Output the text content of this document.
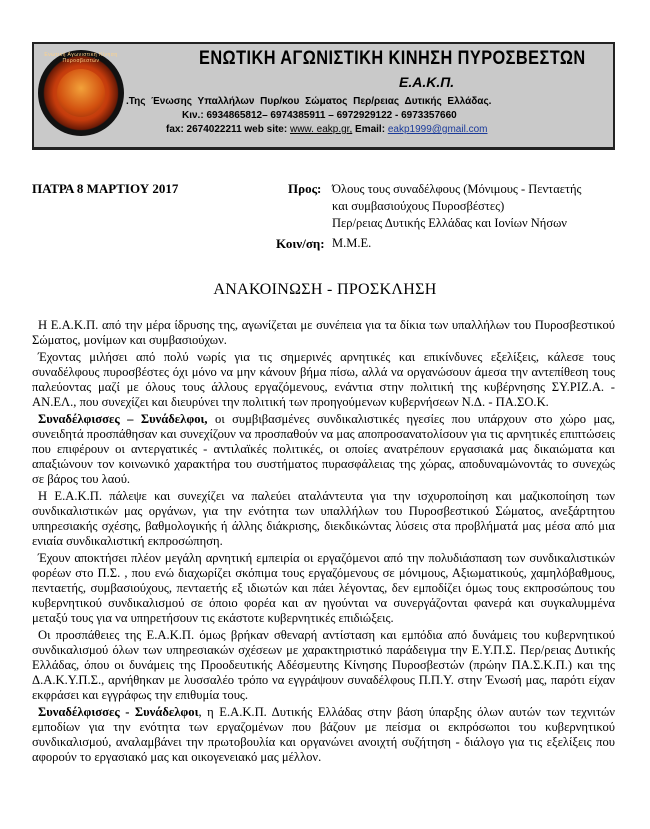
Ενωτική Αγωνιστική Κίνηση Πυροσβεστών	ΕΝΩΤΙΚΗ ΑΓΩΝΙΣΤΙΚΗ ΚΙΝΗΣΗ ΠΥΡΟΣΒΕΣΤΩΝ
Ε.Α.Κ.Π.
.Της Ένωσης Υπαλλήλων Πυρ/κου Σώματος Περ/ρειας Δυτικής Ελλάδας.
Κιν.: 6934865812– 6974385911 – 6972929122 - 6973357660
fax: 2674022211 web site: www. eakp.gr, Email: eakp1999@gmail.com
ΠΑΤΡΑ 8 ΜΑΡΤΙΟΥ 2017	Προς: Όλους τους συναδέλφους (Μόνιμους - Πενταετής
και συμβασιούχους Πυροσβέστες)
Περ/ρειας Δυτικής Ελλάδας και Ιονίων Νήσων
Κοιν/ση: Μ.Μ.Ε.
ΑΝΑΚΟΙΝΩΣΗ - ΠΡΟΣΚΛΗΣΗ

Η Ε.Α.Κ.Π. από την μέρα ίδρυσης της, αγωνίζεται με συνέπεια για τα δίκια των υπαλλήλων του Πυροσβεστικού Σώματος, μονίμων και συμβασιούχων.

Έχοντας μιλήσει από πολύ νωρίς για τις σημερινές αρνητικές και επικίνδυνες εξελίξεις, κάλεσε τους συναδέλφους πυροσβέστες όχι μόνο να μην κάνουν βήμα πίσω, αλλά να οργανώσουν άμεσα την αντεπίθεση τους παλεύοντας μαζί με όλους τους άλλους εργαζόμενους, ενάντια στην πολιτική της κυβέρνησης ΣΥ.ΡΙΖ.Α. - ΑΝ.ΕΛ., που συνεχίζει και διευρύνει την πολιτική των προηγούμενων κυβερνήσεων Ν.Δ. - ΠΑ.ΣΟ.Κ.

Συναδέλφισσες – Συνάδελφοι, οι συμβιβασμένες συνδικαλιστικές ηγεσίες που υπάρχουν στο χώρο μας, συνειδητά προσπάθησαν και συνεχίζουν να προσπαθούν να μας αποπροσανατολίσουν για τις αρνητικές επιπτώσεις που επιφέρουν οι αντεργατικές - αντιλαϊκές πολιτικές, οι οποίες ανατρέπουν εργασιακά μας δικαιώματα και απαξιώνουν τον κοινωνικό χαρακτήρα του συστήματος πυρασφάλειας της χώρας, αποδυναμώνοντάς το συνεχώς σε βάρος του λαού.

Η Ε.Α.Κ.Π. πάλεψε και συνεχίζει να παλεύει αταλάντευτα για την ισχυροποίηση και μαζικοποίηση των συνδικαλιστικών μας οργάνων, για την ενότητα των υπαλλήλων του Πυροσβεστικού Σώματος, ανεξάρτητου υπηρεσιακής σχέσης, βαθμολογικής ή άλλης διάκρισης, διεκδικώντας λύσεις στα προβλήματά μας μέσα από μια ενιαία συνδικαλιστική εκπροσώπηση.

Έχουν αποκτήσει πλέον μεγάλη αρνητική εμπειρία οι εργαζόμενοι από την πολυδιάσπαση των συνδικαλιστικών φορέων στο Π.Σ. , που ενώ διαχωρίζει σκόπιμα τους εργαζόμενους σε μόνιμους, Αξιωματικούς, χαμηλόβαθμους, πενταετής, συμβασιούχους, πενταετής εξ ιδιωτών και πάει λέγοντας, δεν εμποδίζει όμως τους εκπροσώπους του κυβερνητικού συνδικαλισμού σε όποιο φορέα και αν ηγούνται να συνεργάζονται φανερά και συγκαλυμμένα μεταξύ τους για να υπηρετήσουν τις εκάστοτε κυβερνητικές επιδιώξεις.

Οι προσπάθειες της Ε.Α.Κ.Π. όμως βρήκαν σθεναρή αντίσταση και εμπόδια από δυνάμεις του κυβερνητικού συνδικαλισμού όλων των υπηρεσιακών σχέσεων με χαρακτηριστικό παράδειγμα την Ε.Υ.Π.Σ. Περ/ρειας Δυτικής Ελλάδας, όπου οι δυνάμεις της Προοδευτικής Αδέσμευτης Κίνησης Πυροσβεστών (πρώην ΠΑ.Σ.Κ.Π.) και της Δ.Α.Κ.Υ.Π.Σ., αρνήθηκαν με λυσσαλέο τρόπο να εγγράψουν συναδέλφους Π.Π.Υ. στην Ένωσή μας, παρότι είχαν εκφράσει και εγγράφως την επιθυμία τους.

Συναδέλφισσες - Συνάδελφοι, η Ε.Α.Κ.Π. Δυτικής Ελλάδας στην βάση ύπαρξης όλων αυτών των τεχνιτών εμποδίων για την ενότητα των εργαζομένων που βάζουν με πείσμα οι εκπρόσωποι του κυβερνητικού συνδικαλισμού, αναλαμβάνει την πρωτοβουλία και οργανώνει ανοιχτή συζήτηση - διάλογο για τις εξελίξεις που αφορούν το εργασιακό μας και οικογενειακό μας μέλλον.
